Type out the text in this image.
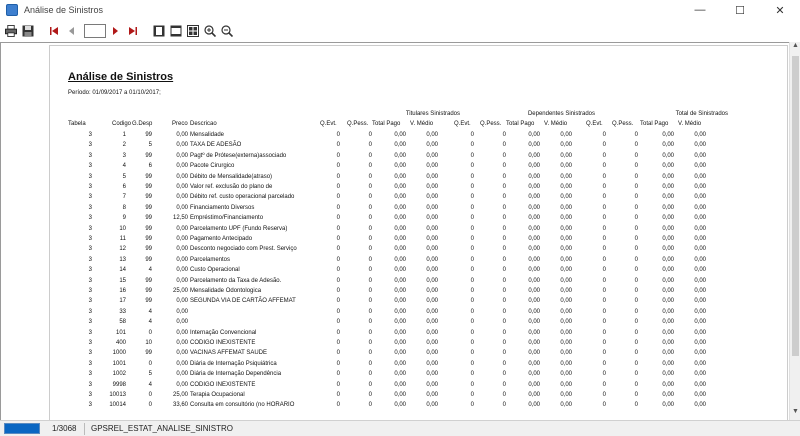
Análise de Sinistros	—	☐	✕
Análise de Sinistros
Período: 01/09/2017 a 01/10/2017;
Titulares Sinistrados	Dependentes Sinistrados	Total de Sinistrados
Tabela	Codigo G.Desp	Preco Descricao	Q.Evt. Q.Pess. Total Pago V. Médio	Q.Evt. Q.Pess. Total Pago V. Médio	Q.Evt. Q.Pess. Total Pago V. Médio
3	1	99	0,00 Mensalidade	0	0	0,00	0,00	0	0	0,00	0,00	0	0	0,00	0,00
3	2	5	0,00 TAXA DE ADESÃO	0	0	0,00	0,00	0	0	0,00	0,00	0	0	0,00	0,00
3	3	99	0,00 Pagtº de Prótese(externa)associado	0	0	0,00	0,00	0	0	0,00	0,00	0	0	0,00	0,00
3	4	6	0,00 Pacote Cirurgico	0	0	0,00	0,00	0	0	0,00	0,00	0	0	0,00	0,00
3	5	99	0,00 Débito de Mensalidade(atraso)	0	0	0,00	0,00	0	0	0,00	0,00	0	0	0,00	0,00
3	6	99	0,00 Valor ref. exclusão do plano de	0	0	0,00	0,00	0	0	0,00	0,00	0	0	0,00	0,00
3	7	99	0,00 Débito ref. custo operacional parcelado	0	0	0,00	0,00	0	0	0,00	0,00	0	0	0,00	0,00
3	8	99	0,00 Financiamento Diversos	0	0	0,00	0,00	0	0	0,00	0,00	0	0	0,00	0,00
3	9	99	12,50 Empréstimo/Financiamento	0	0	0,00	0,00	0	0	0,00	0,00	0	0	0,00	0,00
3	10	99	0,00 Parcelamento UPF (Fundo Reserva)	0	0	0,00	0,00	0	0	0,00	0,00	0	0	0,00	0,00
3	11	99	0,00 Pagamento Antecipado	0	0	0,00	0,00	0	0	0,00	0,00	0	0	0,00	0,00
3	12	99	0,00 Desconto negociado com Prest. Serviço	0	0	0,00	0,00	0	0	0,00	0,00	0	0	0,00	0,00
3	13	99	0,00 Parcelamentos	0	0	0,00	0,00	0	0	0,00	0,00	0	0	0,00	0,00
3	14	4	0,00 Custo Operacional	0	0	0,00	0,00	0	0	0,00	0,00	0	0	0,00	0,00
3	15	99	0,00 Parcelamento da Taxa de Adesão.	0	0	0,00	0,00	0	0	0,00	0,00	0	0	0,00	0,00
3	16	99	25,00 Mensalidade Odontologica	0	0	0,00	0,00	0	0	0,00	0,00	0	0	0,00	0,00
3	17	99	0,00 SEGUNDA VIA DE CARTÃO AFFEMAT	0	0	0,00	0,00	0	0	0,00	0,00	0	0	0,00	0,00
3	33	4	0,00	0	0	0,00	0,00	0	0	0,00	0,00	0	0	0,00	0,00
3	58	4	0,00	0	0	0,00	0,00	0	0	0,00	0,00	0	0	0,00	0,00
3	101	0	0,00 Internação Convencional	0	0	0,00	0,00	0	0	0,00	0,00	0	0	0,00	0,00
3	400	10	0,00 CODIGO INEXISTENTE	0	0	0,00	0,00	0	0	0,00	0,00	0	0	0,00	0,00
3	1000	99	0,00 VACINAS AFFEMAT SAUDE	0	0	0,00	0,00	0	0	0,00	0,00	0	0	0,00	0,00
3	1001	0	0,00 Diária de Internação Psiquiátrica	0	0	0,00	0,00	0	0	0,00	0,00	0	0	0,00	0,00
3	1002	5	0,00 Diária de Internação Dependência	0	0	0,00	0,00	0	0	0,00	0,00	0	0	0,00	0,00
3	9998	4	0,00 CODIGO INEXISTENTE	0	0	0,00	0,00	0	0	0,00	0,00	0	0	0,00	0,00
3	10013	0	25,00 Terapia Ocupacional	0	0	0,00	0,00	0	0	0,00	0,00	0	0	0,00	0,00
3	10014	0	33,60 Consulta em consultório (no HORARIO	0	0	0,00	0,00	0	0	0,00	0,00	0	0	0,00	0,00
▲
▼
1/3068 GPSREL_ESTAT_ANALISE_SINISTRO
